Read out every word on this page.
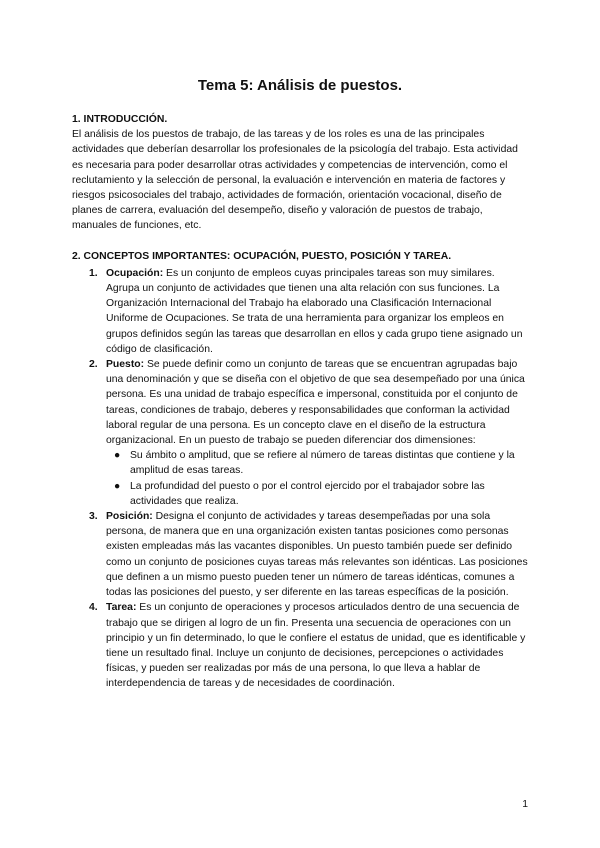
Tema 5: Análisis de puestos.
1. INTRODUCCIÓN.

El análisis de los puestos de trabajo, de las tareas y de los roles es una de las principales actividades que deberían desarrollar los profesionales de la psicología del trabajo. Esta actividad es necesaria para poder desarrollar otras actividades y competencias de intervención, como el reclutamiento y la selección de personal, la evaluación e intervención en materia de factores y riesgos psicosociales del trabajo, actividades de formación, orientación vocacional, diseño de planes de carrera, evaluación del desempeño, diseño y valoración de puestos de trabajo, manuales de funciones, etc.

2. CONCEPTOS IMPORTANTES: OCUPACIÓN, PUESTO, POSICIÓN Y TAREA.
1. Ocupación: Es un conjunto de empleos cuyas principales tareas son muy similares. Agrupa un conjunto de actividades que tienen una alta relación con sus funciones. La Organización Internacional del Trabajo ha elaborado una Clasificación Internacional Uniforme de Ocupaciones. Se trata de una herramienta para organizar los empleos en grupos definidos según las tareas que desarrollan en ellos y cada grupo tiene asignado un código de clasificación.
2. Puesto: Se puede definir como un conjunto de tareas que se encuentran agrupadas bajo una denominación y que se diseña con el objetivo de que sea desempeñado por una única persona. Es una unidad de trabajo específica e impersonal, constituida por el conjunto de tareas, condiciones de trabajo, deberes y responsabilidades que conforman la actividad laboral regular de una persona. Es un concepto clave en el diseño de la estructura organizacional. En un puesto de trabajo se pueden diferenciar dos dimensiones:
● Su ámbito o amplitud, que se refiere al número de tareas distintas que contiene y la amplitud de esas tareas.
● La profundidad del puesto o por el control ejercido por el trabajador sobre las actividades que realiza.
3. Posición: Designa el conjunto de actividades y tareas desempeñadas por una sola persona, de manera que en una organización existen tantas posiciones como personas existen empleadas más las vacantes disponibles. Un puesto también puede ser definido como un conjunto de posiciones cuyas tareas más relevantes son idénticas. Las posiciones que definen a un mismo puesto pueden tener un número de tareas idénticas, comunes a todas las posiciones del puesto, y ser diferente en las tareas específicas de la posición.
4. Tarea: Es un conjunto de operaciones y procesos articulados dentro de una secuencia de trabajo que se dirigen al logro de un fin. Presenta una secuencia de operaciones con un principio y un fin determinado, lo que le confiere el estatus de unidad, que es identificable y tiene un resultado final. Incluye un conjunto de decisiones, percepciones o actividades físicas, y pueden ser realizadas por más de una persona, lo que lleva a hablar de interdependencia de tareas y de necesidades de coordinación.
1
